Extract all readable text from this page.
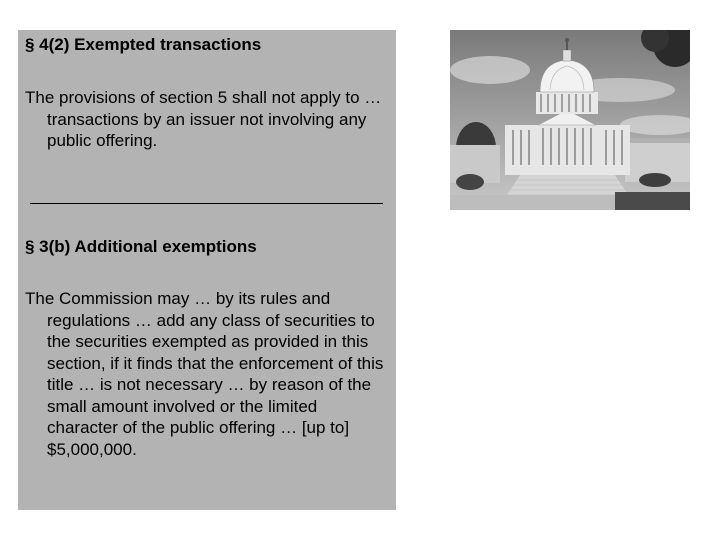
§ 4(2) Exempted transactions

The provisions of section 5 shall not apply to … transactions by an issuer not involving any public offering.

§ 3(b) Additional exemptions

The Commission may … by its rules and regulations … add any class of securities to the securities exempted as provided in this section, if it finds that the enforcement of this title … is not necessary … by reason of the small amount involved or the limited character of the public offering … [up to] $5,000,000.
